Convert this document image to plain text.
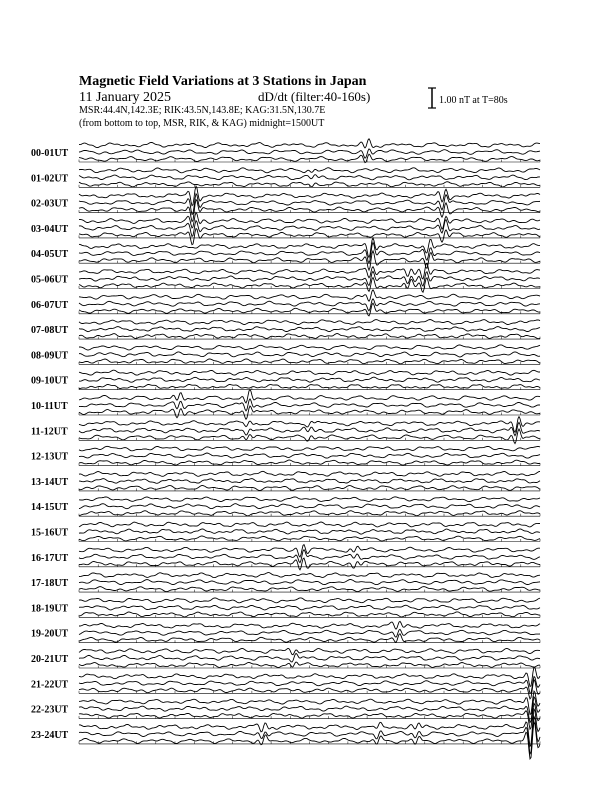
Magnetic Field Variations at 3 Stations in Japan
11 January 2025	dD/dt (filter:40-160s)
MSR:44.4N,142.3E; RIK:43.5N,143.8E; KAG:31.5N,130.7E
(from bottom to top, MSR, RIK, & KAG) midnight=1500UT
1.00 nT at T=80s
00-01UT
01-02UT
02-03UT
03-04UT
04-05UT
05-06UT
06-07UT
07-08UT
08-09UT
09-10UT
10-11UT
11-12UT
12-13UT
13-14UT
14-15UT
15-16UT
16-17UT
17-18UT
18-19UT
19-20UT
20-21UT
21-22UT
22-23UT
23-24UT
